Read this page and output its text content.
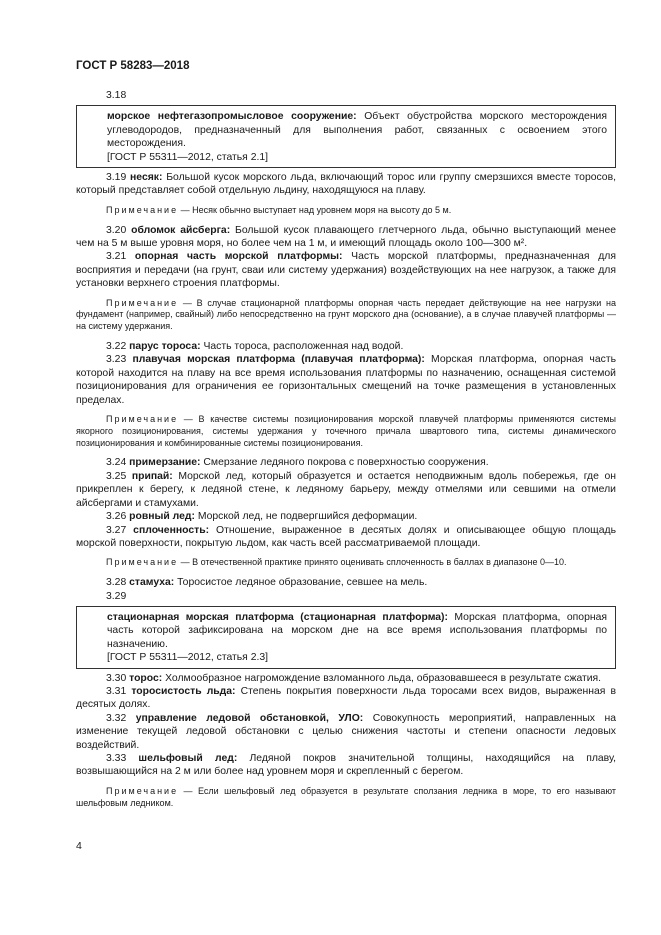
ГОСТ Р 58283—2018
3.18

морское нефтегазопромысловое сооружение: Объект обустройства морского месторождения углеводородов, предназначенный для выполнения работ, связанных с освоением этого месторождения.

[ГОСТ Р 55311—2012, статья 2.1]

3.19 несяк: Большой кусок морского льда, включающий торос или группу смерзшихся вместе торосов, который представляет собой отдельную льдину, находящуюся на плаву.

Примечание — Несяк обычно выступает над уровнем моря на высоту до 5 м.

3.20 обломок айсберга: Большой кусок плавающего глетчерного льда, обычно выступающий менее чем на 5 м выше уровня моря, но более чем на 1 м, и имеющий площадь около 100—300 м².

3.21 опорная часть морской платформы: Часть морской платформы, предназначенная для восприятия и передачи (на грунт, сваи или систему удержания) воздействующих на нее нагрузок, а также для установки верхнего строения платформы.

Примечание — В случае стационарной платформы опорная часть передает действующие на нее нагрузки на фундамент (например, свайный) либо непосредственно на грунт морского дна (основание), а в случае плавучей платформы — на систему удержания.

3.22 парус тороса: Часть тороса, расположенная над водой.

3.23 плавучая морская платформа (плавучая платформа): Морская платформа, опорная часть которой находится на плаву на все время использования платформы по назначению, оснащенная системой позиционирования для ограничения ее горизонтальных смещений на точке размещения в установленных пределах.

Примечание — В качестве системы позиционирования морской плавучей платформы применяются системы якорного позиционирования, системы удержания у точечного причала швартового типа, системы динамического позиционирования и комбинированные системы позиционирования.

3.24 примерзание: Смерзание ледяного покрова с поверхностью сооружения.

3.25 припай: Морской лед, который образуется и остается неподвижным вдоль побережья, где он прикреплен к берегу, к ледяной стене, к ледяному барьеру, между отмелями или севшими на отмели айсбергами и стамухами.

3.26 ровный лед: Морской лед, не подвергшийся деформации.

3.27 сплоченность: Отношение, выраженное в десятых долях и описывающее общую площадь морской поверхности, покрытую льдом, как часть всей рассматриваемой площади.

Примечание — В отечественной практике принято оценивать сплоченность в баллах в диапазоне 0—10.

3.28 стамуха: Торосистое ледяное образование, севшее на мель.

3.29

стационарная морская платформа (стационарная платформа): Морская платформа, опорная часть которой зафиксирована на морском дне на все время использования платформы по назначению.

[ГОСТ Р 55311—2012, статья 2.3]

3.30 торос: Холмообразное нагромождение взломанного льда, образовавшееся в результате сжатия.

3.31 торосистость льда: Степень покрытия поверхности льда торосами всех видов, выраженная в десятых долях.

3.32 управление ледовой обстановкой, УЛО: Совокупность мероприятий, направленных на изменение текущей ледовой обстановки с целью снижения частоты и степени опасности ледовых воздействий.

3.33 шельфовый лед: Ледяной покров значительной толщины, находящийся на плаву, возвышающийся на 2 м или более над уровнем моря и скрепленный с берегом.

Примечание — Если шельфовый лед образуется в результате сползания ледника в море, то его называют шельфовым ледником.

4
